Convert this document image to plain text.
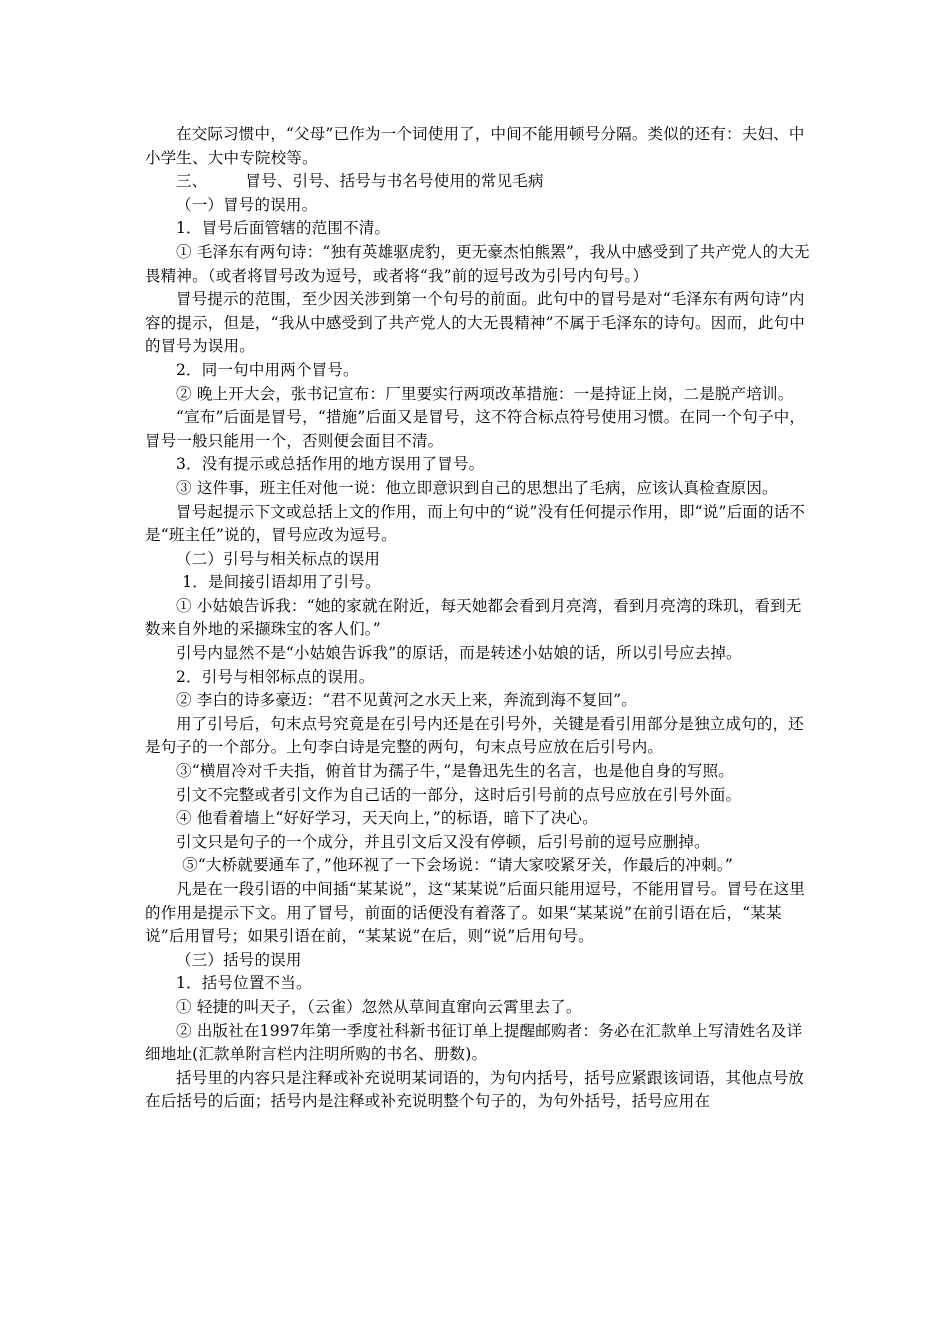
在交际习惯中，“父母”已作为一个词使用了，中间不能用顿号分隔。类似的还有：夫妇、中小学生、大中专院校等。

三、 冒号、引号、括号与书名号使用的常见毛病

（一）冒号的误用。

1．冒号后面管辖的范围不清。

① 毛泽东有两句诗：“独有英雄驱虎豹，更无豪杰怕熊罴”，我从中感受到了共产党人的大无畏精神。（或者将冒号改为逗号，或者将“我”前的逗号改为引号内句号。）

冒号提示的范围，至少因关涉到第一个句号的前面。此句中的冒号是对“毛泽东有两句诗”内容的提示，但是，“我从中感受到了共产党人的大无畏精神”不属于毛泽东的诗句。因而，此句中的冒号为误用。

2．同一句中用两个冒号。

② 晚上开大会，张书记宣布：厂里要实行两项改革措施：一是持证上岗，二是脱产培训。

“宣布”后面是冒号，“措施”后面又是冒号，这不符合标点符号使用习惯。在同一个句子中，冒号一般只能用一个，否则便会面目不清。

3．没有提示或总括作用的地方误用了冒号。

③ 这件事，班主任对他一说：他立即意识到自己的思想出了毛病，应该认真检查原因。

冒号起提示下文或总括上文的作用，而上句中的“说”没有任何提示作用，即“说”后面的话不是“班主任”说的，冒号应改为逗号。

（二）引号与相关标点的误用

1．是间接引语却用了引号。

① 小姑娘告诉我：“她的家就在附近，每天她都会看到月亮湾，看到月亮湾的珠玑，看到无数来自外地的采撷珠宝的客人们。”

引号内显然不是“小姑娘告诉我”的原话，而是转述小姑娘的话，所以引号应去掉。

2．引号与相邻标点的误用。

② 李白的诗多豪迈：“君不见黄河之水天上来，奔流到海不复回”。

用了引号后，句末点号究竟是在引号内还是在引号外，关键是看引用部分是独立成句的，还是句子的一个部分。上句李白诗是完整的两句，句末点号应放在后引号内。

③“横眉冷对千夫指，俯首甘为孺子牛，”是鲁迅先生的名言，也是他自身的写照。

引文不完整或者引文作为自己话的一部分，这时后引号前的点号应放在引号外面。

④ 他看着墙上“好好学习，天天向上，”的标语，暗下了决心。

引文只是句子的一个成分，并且引文后又没有停顿，后引号前的逗号应删掉。

⑤“大桥就要通车了，”他环视了一下会场说：“请大家咬紧牙关，作最后的冲刺。”

凡是在一段引语的中间插“某某说”，这“某某说”后面只能用逗号，不能用冒号。冒号在这里的作用是提示下文。用了冒号，前面的话便没有着落了。如果“某某说”在前引语在后，“某某说”后用冒号；如果引语在前，“某某说”在后，则“说”后用句号。

（三）括号的误用

1．括号位置不当。

① 轻捷的叫天子，（云雀）忽然从草间直窜向云霄里去了。

② 出版社在1997年第一季度社科新书征订单上提醒邮购者：务必在汇款单上写清姓名及详细地址(汇款单附言栏内注明所购的书名、册数)。

括号里的内容只是注释或补充说明某词语的，为句内括号，括号应紧跟该词语，其他点号放在后括号的后面；括号内是注释或补充说明整个句子的，为句外括号，括号应用在
